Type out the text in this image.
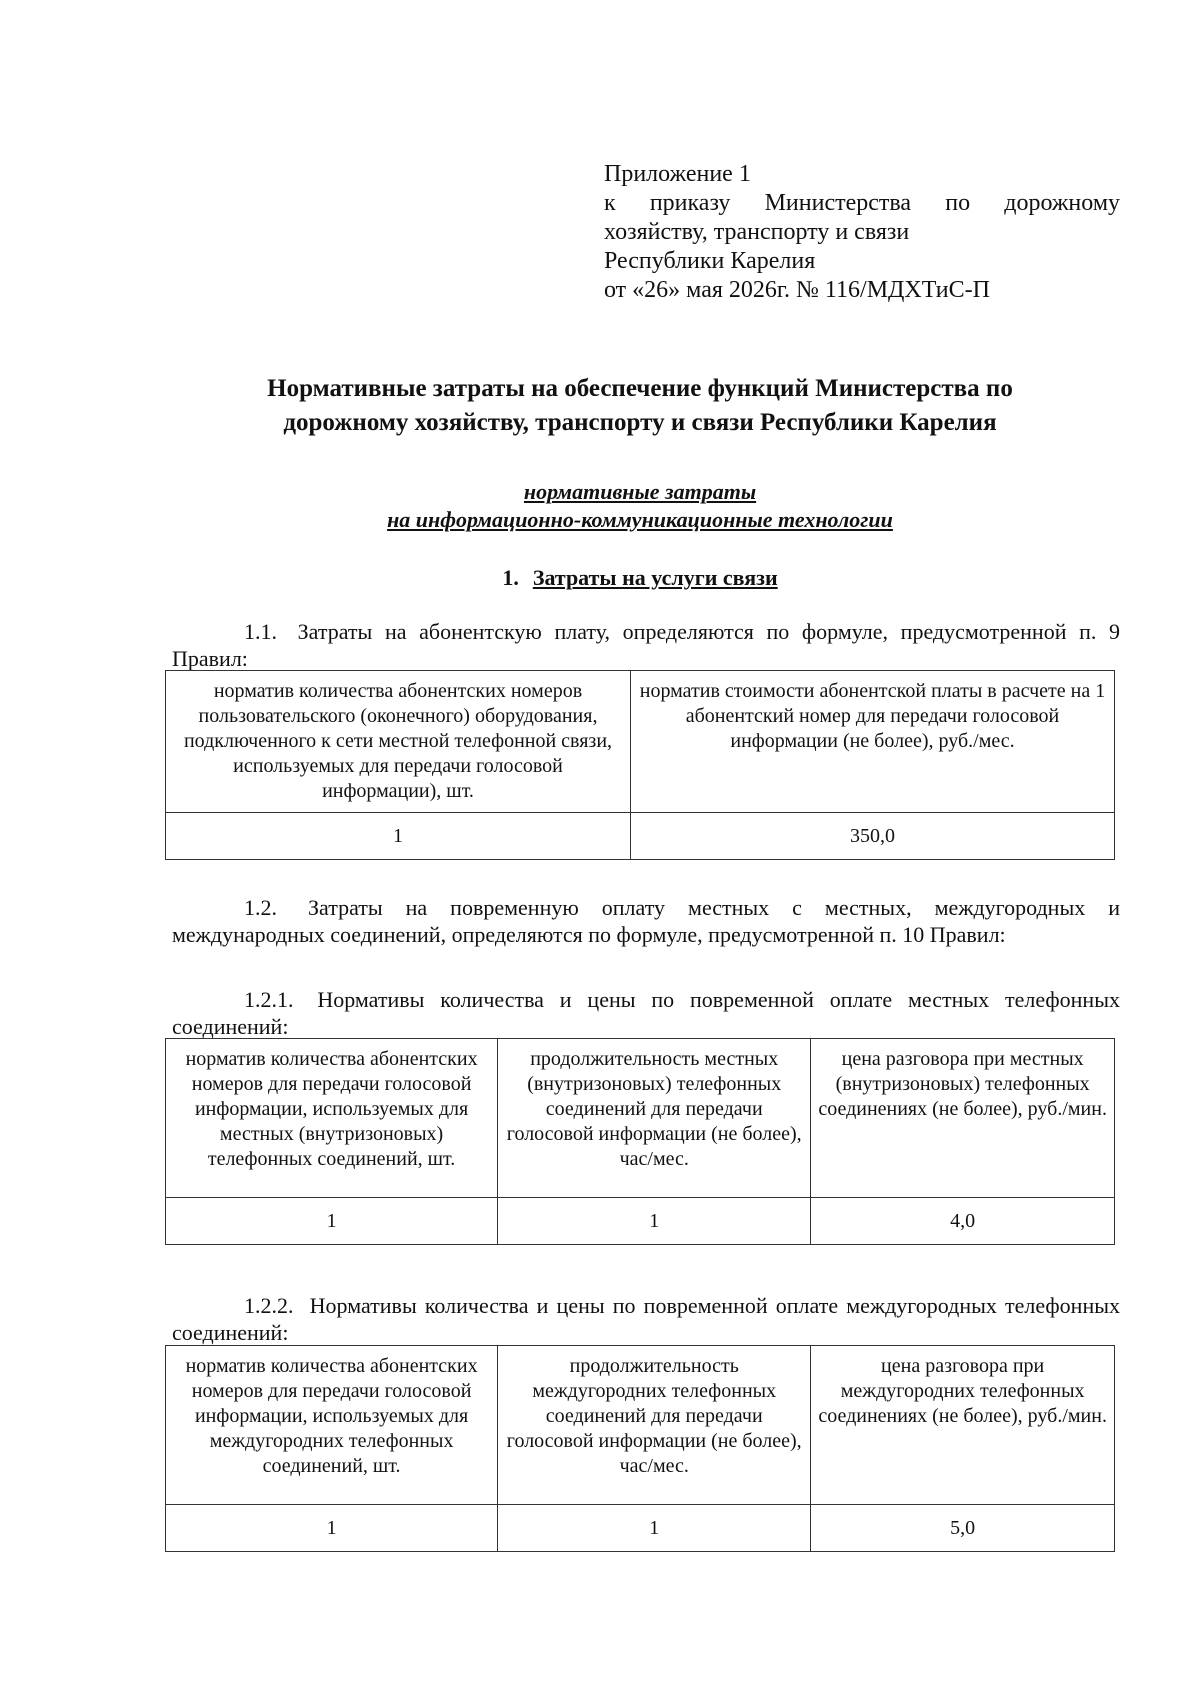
Приложение 1
к приказу Министерства по дорожному
хозяйству, транспорту и связи
Республики Карелия
от «26» мая 2026г. № 116/МДХТиС-П
Нормативные затраты на обеспечение функций Министерства по
дорожному хозяйству, транспорту и связи Республики Карелия
нормативные затраты
на информационно-коммуникационные технологии
1. Затраты на услуги связи
1.1. Затраты на абонентскую плату, определяются по формуле, предусмотренной п. 9 Правил:
норматив количества абонентских номеров пользовательского (оконечного) оборудования, подключенного к сети местной телефонной связи, используемых для передачи голосовой информации), шт.	норматив стоимости абонентской платы в расчете на 1 абонентский номер для передачи голосовой информации (не более), руб./мес.
1	350,0
1.2. Затраты на повременную оплату местных с местных, междугородных и международных соединений, определяются по формуле, предусмотренной п. 10 Правил:
1.2.1. Нормативы количества и цены по повременной оплате местных телефонных соединений:
норматив количества абонентских номеров для передачи голосовой информации, используемых для местных (внутризоновых) телефонных соединений, шт.	продолжительность местных (внутризоновых) телефонных соединений для передачи голосовой информации (не более), час/мес.	цена разговора при местных (внутризоновых) телефонных соединениях (не более), руб./мин.
1	1	4,0
1.2.2. Нормативы количества и цены по повременной оплате междугородных телефонных соединений:
норматив количества абонентских номеров для передачи голосовой информации, используемых для междугородних телефонных соединений, шт.	продолжительность междугородних телефонных соединений для передачи голосовой информации (не более), час/мес.	цена разговора при междугородних телефонных соединениях (не более), руб./мин.
1	1	5,0
